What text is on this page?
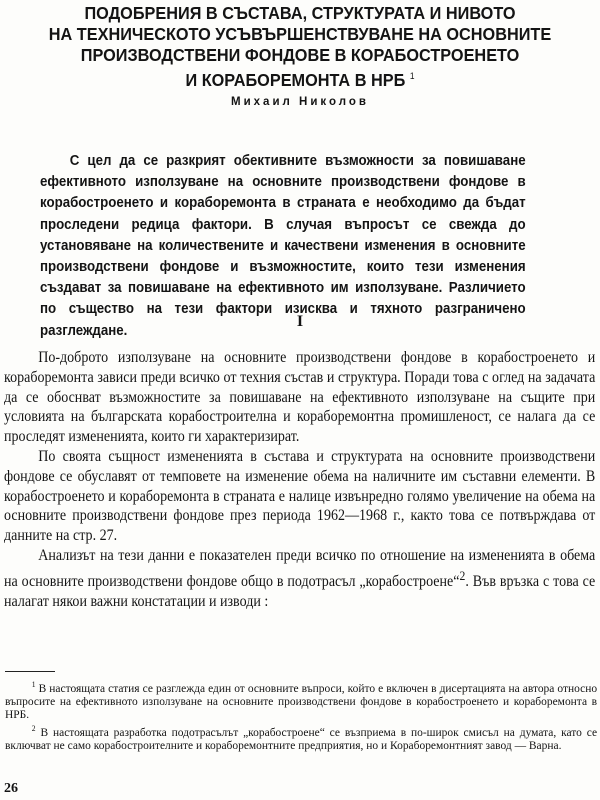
ПОДОБРЕНИЯ В СЪСТАВА, СТРУКТУРАТА И НИВОТО
НА ТЕХНИЧЕСКОТО УСЪВЪРШЕНСТВУВАНЕ НА ОСНОВНИТЕ
ПРОИЗВОДСТВЕНИ ФОНДОВЕ В КОРАБОСТРОЕНЕТО
И КОРАБОРЕМОНТА В НРБ $^1$
Михаил Николов

С цел да се разкрият обективните възможности за повишаване ефективното използуване на основните производствени фондове в корабостроенето и кораборемонта в страната е необходимо да бъдат проследени редица фактори. В случая въпросът се свежда до установяване на количествените и качествени изменения в основните производствени фондове и възможностите, които тези изменения създават за повишаване на ефективното им използуване. Различието по същество на тези фактори изисква и тяхното разграничено разглеждане.

I

По-доброто използуване на основните производствени фондове в корабостроенето и кораборемонта зависи преди всичко от техния състав и структура. Поради това с оглед на задачата да се обоснват възможностите за повишаване на ефективното използуване на същите при условията на българската корабостроителна и кораборемонтна промишленост, се налага да се проследят измененията, които ги характеризират.

По своята същност измененията в състава и структурата на основните производствени фондове се обуславят от темповете на изменение обема на наличните им съставни елементи. В корабостроенето и кораборемонта в страната е налице извънредно голямо увеличение на обема на основните производствени фондове през периода 1962—1968 г., както това се потвърждава от данните на стр. 27.

Анализът на тези данни е показателен преди всичко по отношение на измененията в обема на основните производствени фондове общо в подотрасъл „корабостроене“$^2$. Във връзка с това се налагат някои важни констатации и изводи :

$^1$ В настоящата статия се разглежда един от основните въпроси, който е включен в дисертацията на автора относно въпросите на ефективното използуване на основните производствени фондове в корабостроенето и кораборемонта в НРБ.

$^2$ В настоящата разработка подотрасълът „корабостроене“ се възприема в по-широк смисъл на думата, като се включват не само корабостроителните и кораборемонтните предприятия, но и Кораборемонтният завод — Варна.

26
